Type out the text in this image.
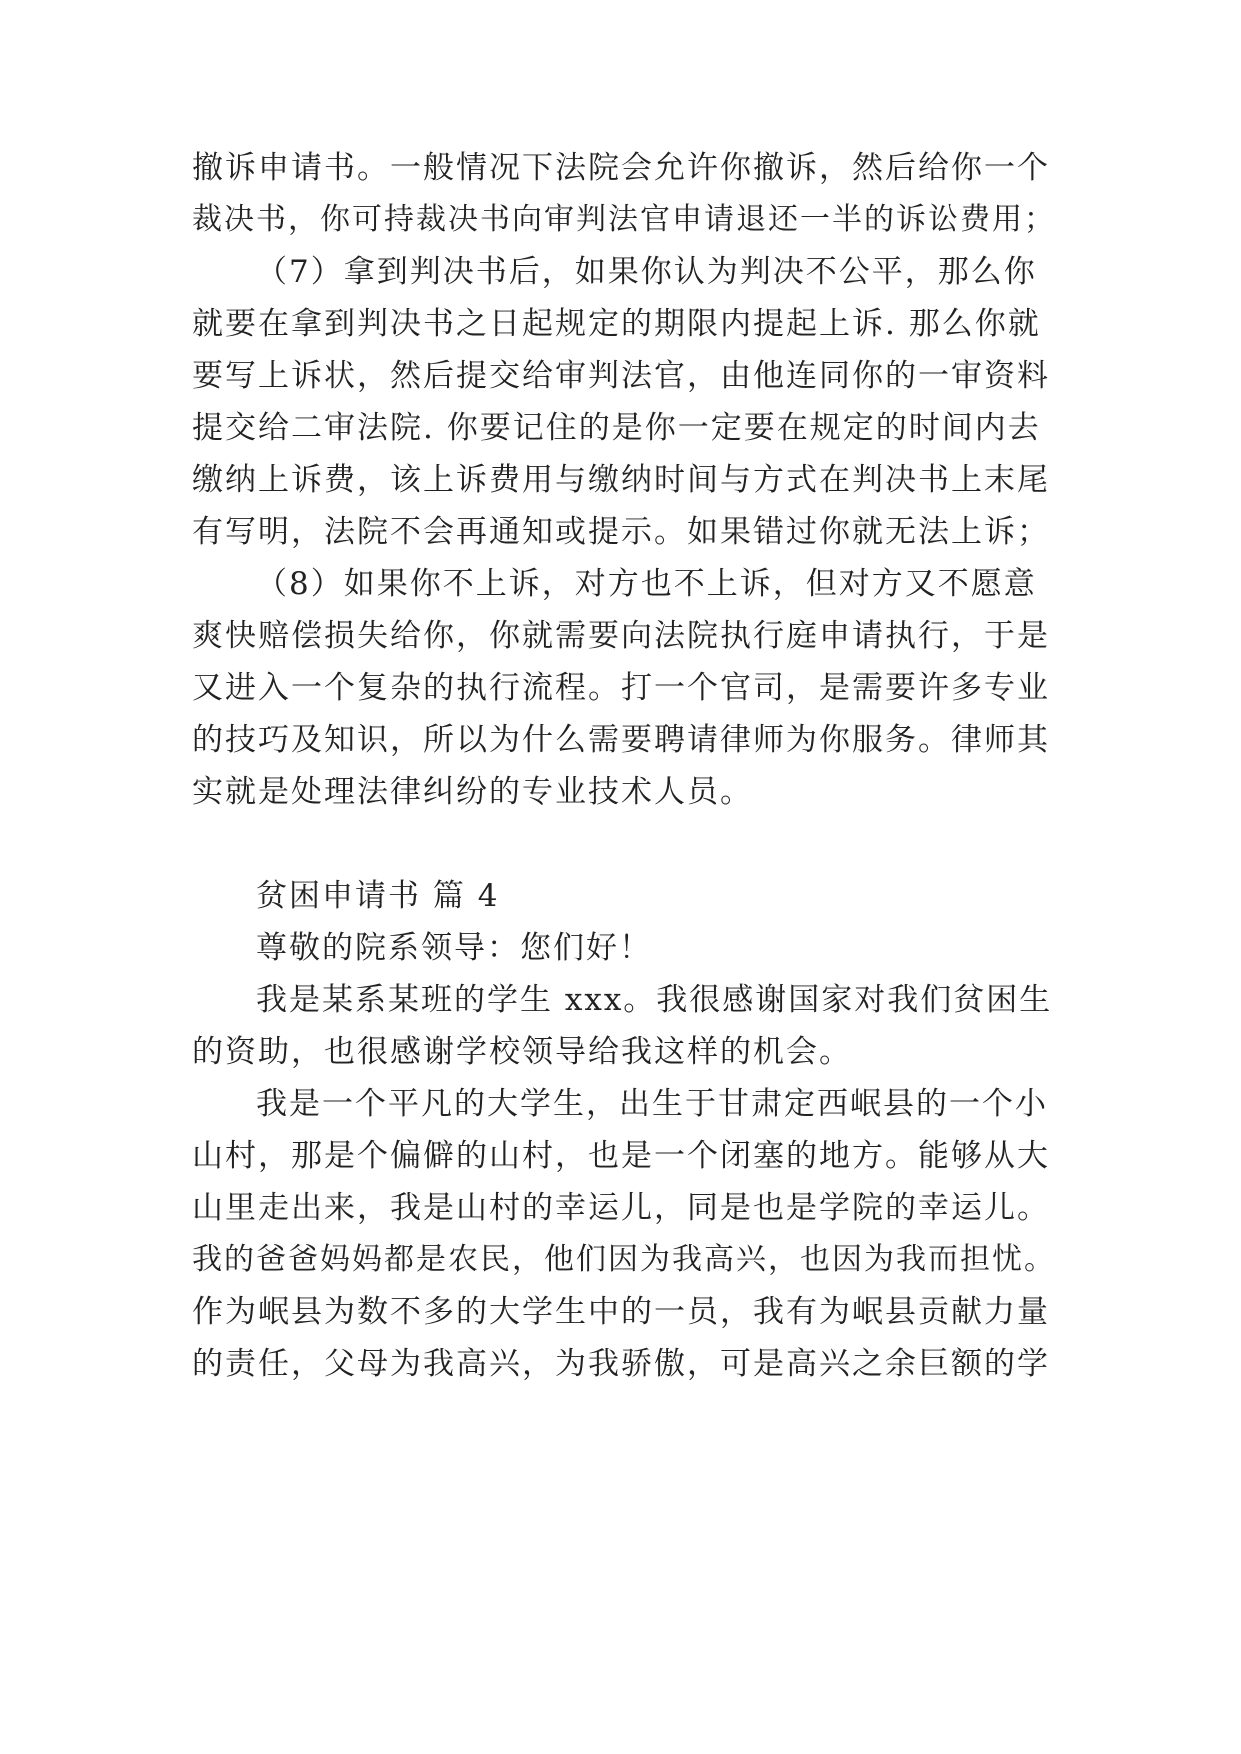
撤诉申请书。一般情况下法院会允许你撤诉，然后给你一个
裁决书，你可持裁决书向审判法官申请退还一半的诉讼费用；
（7）拿到判决书后，如果你认为判决不公平，那么你
就要在拿到判决书之日起规定的期限内提起上诉. 那么你就
要写上诉状，然后提交给审判法官，由他连同你的一审资料
提交给二审法院. 你要记住的是你一定要在规定的时间内去
缴纳上诉费，该上诉费用与缴纳时间与方式在判决书上末尾
有写明，法院不会再通知或提示。如果错过你就无法上诉；
（8）如果你不上诉，对方也不上诉，但对方又不愿意
爽快赔偿损失给你，你就需要向法院执行庭申请执行，于是
又进入一个复杂的执行流程。打一个官司，是需要许多专业
的技巧及知识，所以为什么需要聘请律师为你服务。律师其
实就是处理法律纠纷的专业技术人员。
贫困申请书 篇 4
尊敬的院系领导：您们好！
我是某系某班的学生 xxx。我很感谢国家对我们贫困生
的资助，也很感谢学校领导给我这样的机会。
我是一个平凡的大学生，出生于甘肃定西岷县的一个小
山村，那是个偏僻的山村，也是一个闭塞的地方。能够从大
山里走出来，我是山村的幸运儿，同是也是学院的幸运儿。
我的爸爸妈妈都是农民，他们因为我高兴，也因为我而担忧。
作为岷县为数不多的大学生中的一员，我有为岷县贡献力量
的责任，父母为我高兴，为我骄傲，可是高兴之余巨额的学
